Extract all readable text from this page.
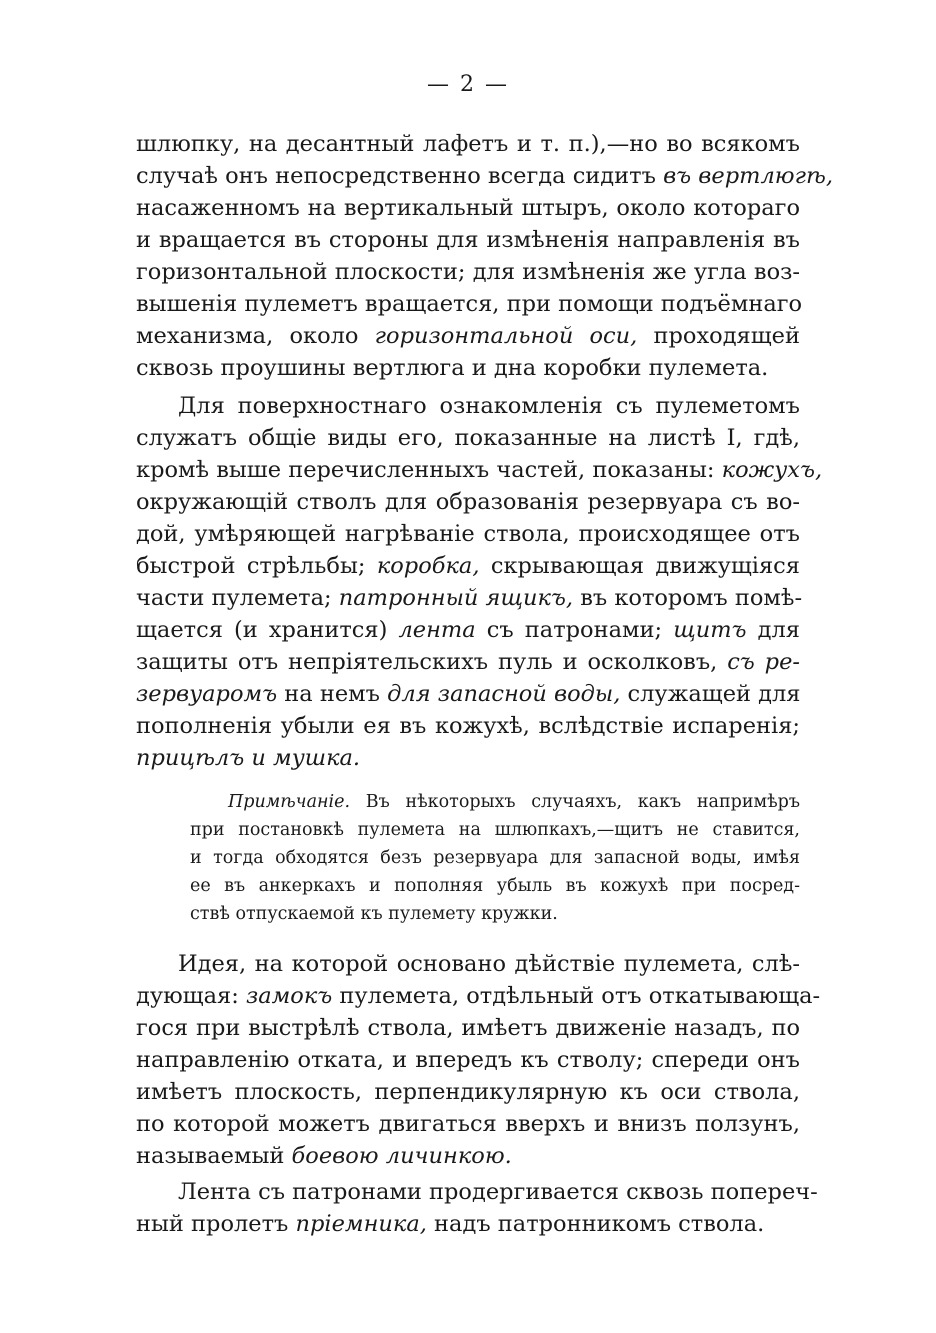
— 2 —
шлюпку, на десантный лафетъ и т. п.),—но во всякомъ
случаѣ онъ непосредственно всегда сидитъ въ вертлюгѣ,
насаженномъ на вертикальный штыръ, около котораго
и вращается въ стороны для измѣненія направленія въ
горизонтальной плоскости; для измѣненія же угла воз-
вышенія пулеметъ вращается, при помощи подъёмнаго
механизма, около горизонтальной оси, проходящей
сквозь проушины вертлюга и дна коробки пулемета.
Для поверхностнаго ознакомленія съ пулеметомъ
служатъ общіе виды его, показанные на листѣ I, гдѣ,
кромѣ выше перечисленныхъ частей, показаны: кожухъ,
окружающій стволъ для образованія резервуара съ во-
дой, умѣряющей нагрѣваніе ствола, происходящее отъ
быстрой стрѣльбы; коробка, скрывающая движущіяся
части пулемета; патронный ящикъ, въ которомъ помѣ-
щается (и хранится) лента съ патронами; щитъ для
защиты отъ непріятельскихъ пуль и осколковъ, съ ре-
зервуаромъ на немъ для запасной воды, служащей для
пополненія убыли ея въ кожухѣ, вслѣдствіе испаренія;
прицѣлъ и мушка.
Примѣчаніе. Въ нѣкоторыхъ случаяхъ, какъ напримѣръ
при постановкѣ пулемета на шлюпкахъ,—щитъ не ставится,
и тогда обходятся безъ резервуара для запасной воды, имѣя
ее въ анкеркахъ и пополняя убыль въ кожухѣ при посред-
ствѣ отпускаемой къ пулемету кружки.
Идея, на которой основано дѣйствіе пулемета, слѣ-
дующая: замокъ пулемета, отдѣльный отъ откатывающа-
гося при выстрѣлѣ ствола, имѣетъ движеніе назадъ, по
направленію отката, и впередъ къ стволу; спереди онъ
имѣетъ плоскость, перпендикулярную къ оси ствола,
по которой можетъ двигаться вверхъ и внизъ ползунъ,
называемый боевою личинкою.
Лента съ патронами продергивается сквозь попереч-
ный пролетъ пріемника, надъ патронникомъ ствола.
